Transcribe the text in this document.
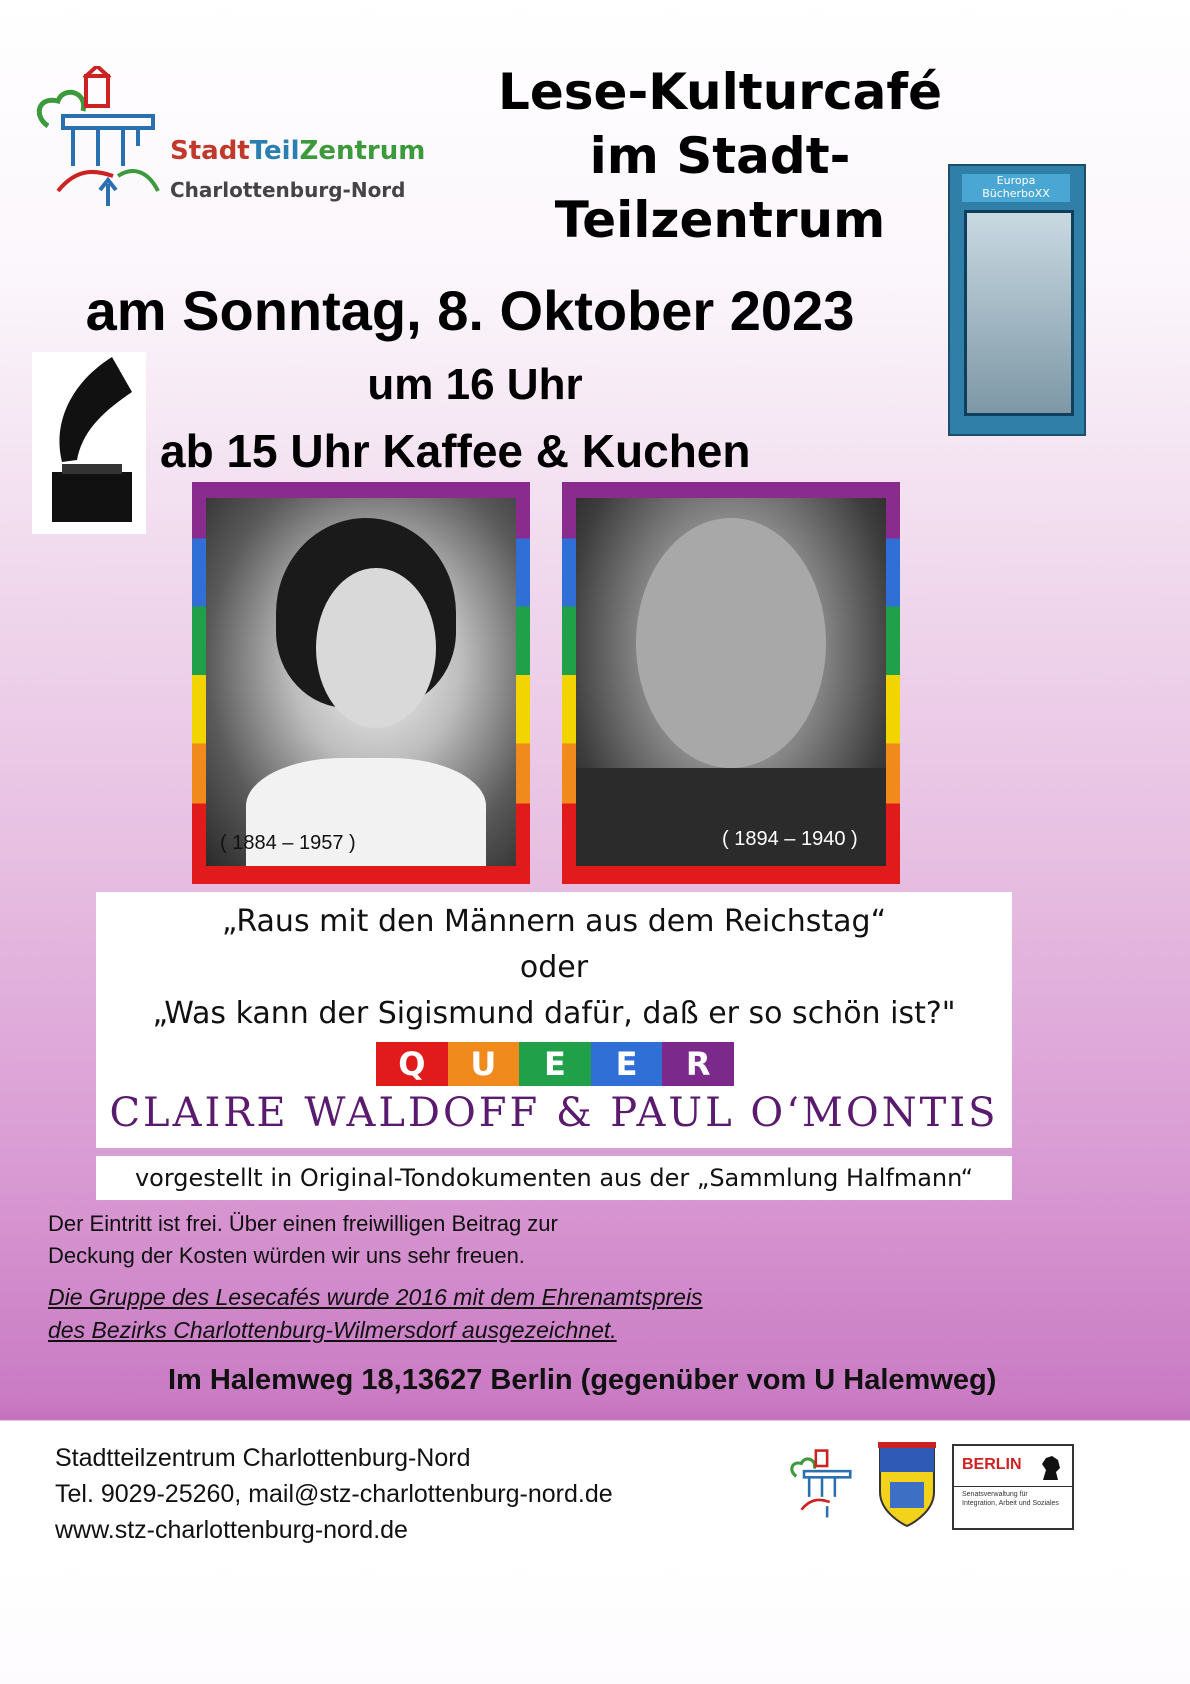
StadtTeilZentrum
Charlottenburg-Nord
Lese-Kulturcafé
im Stadt-
Teilzentrum
Europa
BücherboXX
am Sonntag, 8. Oktober 2023
um 16 Uhr
ab 15 Uhr Kaffee & Kuchen
( 1884 – 1957 )	( 1894 – 1940 )
„Raus mit den Männern aus dem Reichstag“
oder
„Was kann der Sigismund dafür, daß er so schön ist?"
Q	U	E	E	R
CLAIRE WALDOFF & PAUL O‘MONTIS
vorgestellt in Original-Tondokumenten aus der „Sammlung Halfmann“
Der Eintritt ist frei. Über einen freiwilligen Beitrag zur
Deckung der Kosten würden wir uns sehr freuen.
Die Gruppe des Lesecafés wurde 2016 mit dem Ehrenamtspreis
des Bezirks Charlottenburg-Wilmersdorf ausgezeichnet.
Im Halemweg 18,13627 Berlin (gegenüber vom U Halemweg)
Stadtteilzentrum Charlottenburg-Nord
Tel. 9029-25260, mail@stz-charlottenburg-nord.de
www.stz-charlottenburg-nord.de
BERLIN
Senatsverwaltung für Integration, Arbeit und Soziales
